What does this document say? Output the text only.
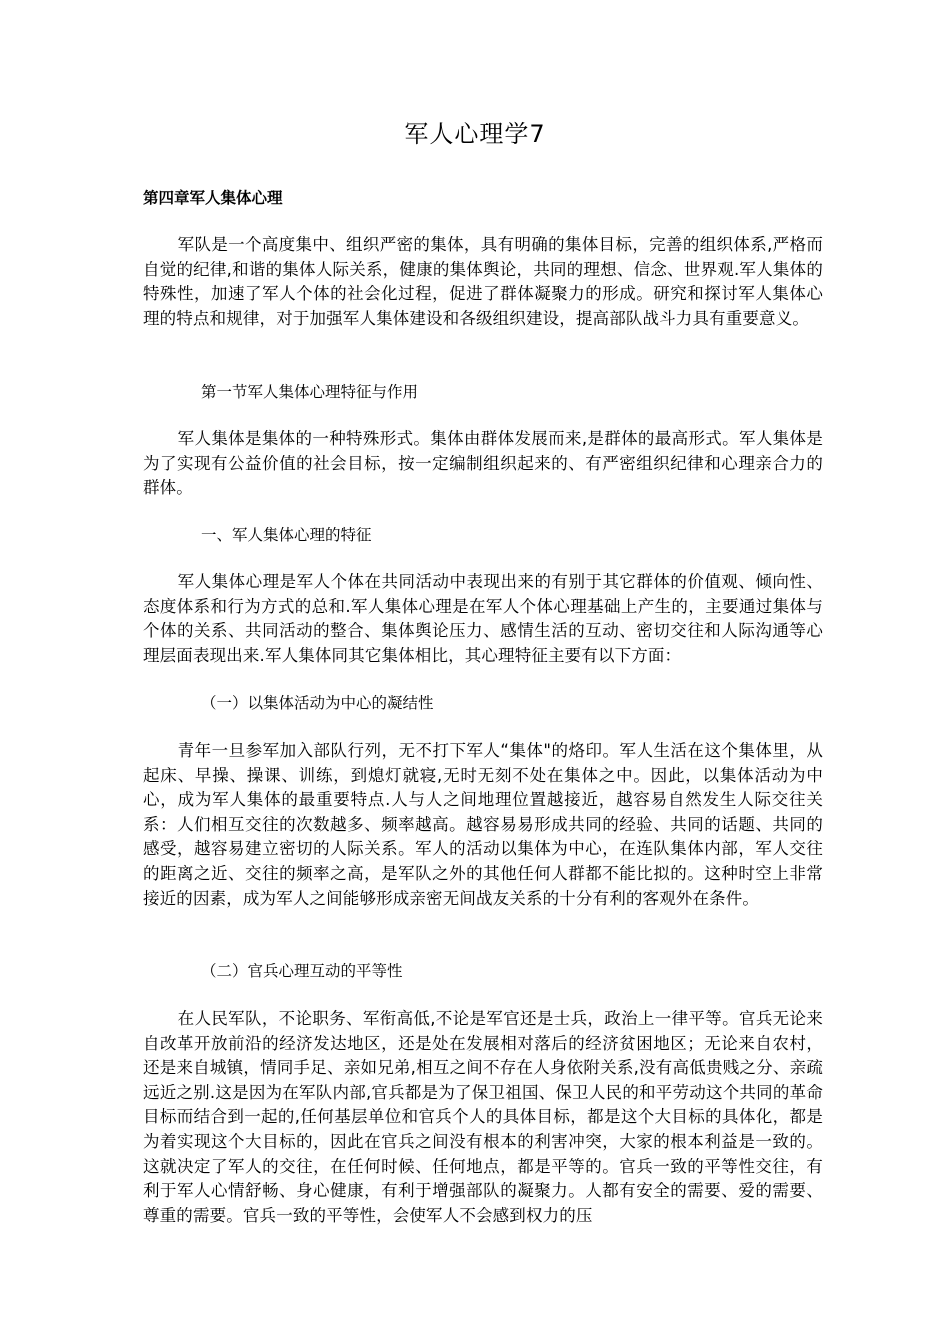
军人心理学7
第四章军人集体心理

军队是一个高度集中、组织严密的集体，具有明确的集体目标，完善的组织体系,严格而自觉的纪律,和谐的集体人际关系，健康的集体舆论，共同的理想、信念、世界观.军人集体的特殊性，加速了军人个体的社会化过程，促进了群体凝聚力的形成。研究和探讨军人集体心理的特点和规律，对于加强军人集体建设和各级组织建设，提高部队战斗力具有重要意义。

第一节军人集体心理特征与作用

军人集体是集体的一种特殊形式。集体由群体发展而来,是群体的最高形式。军人集体是为了实现有公益价值的社会目标，按一定编制组织起来的、有严密组织纪律和心理亲合力的群体。

一、军人集体心理的特征

军人集体心理是军人个体在共同活动中表现出来的有别于其它群体的价值观、倾向性、态度体系和行为方式的总和.军人集体心理是在军人个体心理基础上产生的，主要通过集体与个体的关系、共同活动的整合、集体舆论压力、感情生活的互动、密切交往和人际沟通等心理层面表现出来.军人集体同其它集体相比，其心理特征主要有以下方面：

（一）以集体活动为中心的凝结性

青年一旦参军加入部队行列，无不打下军人“集体"的烙印。军人生活在这个集体里，从起床、早操、操课、训练，到熄灯就寝,无时无刻不处在集体之中。因此，以集体活动为中心，成为军人集体的最重要特点.人与人之间地理位置越接近，越容易自然发生人际交往关系：人们相互交往的次数越多、频率越高。越容易易形成共同的经验、共同的话题、共同的感受，越容易建立密切的人际关系。军人的活动以集体为中心，在连队集体内部，军人交往的距离之近、交往的频率之高，是军队之外的其他任何人群都不能比拟的。这种时空上非常接近的因素，成为军人之间能够形成亲密无间战友关系的十分有利的客观外在条件。

（二）官兵心理互动的平等性

在人民军队，不论职务、军衔高低,不论是军官还是士兵，政治上一律平等。官兵无论来自改革开放前沿的经济发达地区，还是处在发展相对落后的经济贫困地区；无论来自农村，还是来自城镇，情同手足、亲如兄弟,相互之间不存在人身依附关系,没有高低贵贱之分、亲疏远近之别.这是因为在军队内部,官兵都是为了保卫祖国、保卫人民的和平劳动这个共同的革命目标而结合到一起的,任何基层单位和官兵个人的具体目标，都是这个大目标的具体化，都是为着实现这个大目标的，因此在官兵之间没有根本的利害冲突，大家的根本利益是一致的。这就决定了军人的交往，在任何时候、任何地点，都是平等的。官兵一致的平等性交往，有利于军人心情舒畅、身心健康，有利于增强部队的凝聚力。人都有安全的需要、爱的需要、尊重的需要。官兵一致的平等性，会使军人不会感到权力的压
